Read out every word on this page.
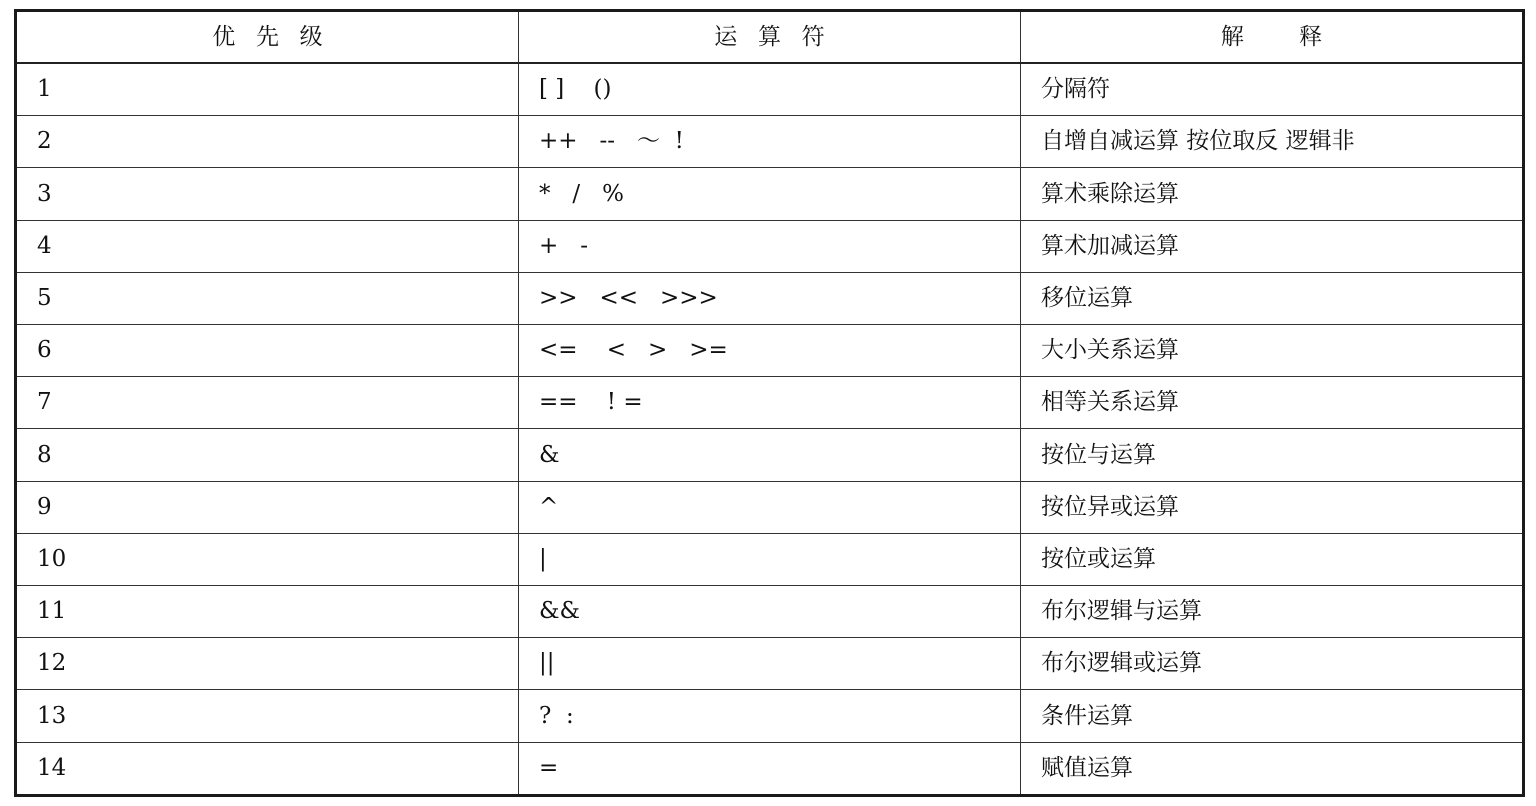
优先级	运算符	解释
1	[ ]    ()	分隔符
2	++   --   ～  !	自增自减运算 按位取反 逻辑非
3	*   /   %	算术乘除运算
4	+   -	算术加减运算
5	>>   <<   >>>	移位运算
6	<=    <   >   >=	大小关系运算
7	==    ! =	相等关系运算
8	&	按位与运算
9	^	按位异或运算
10	|	按位或运算
11	&&	布尔逻辑与运算
12	||	布尔逻辑或运算
13	?  :	条件运算
14	=	赋值运算
